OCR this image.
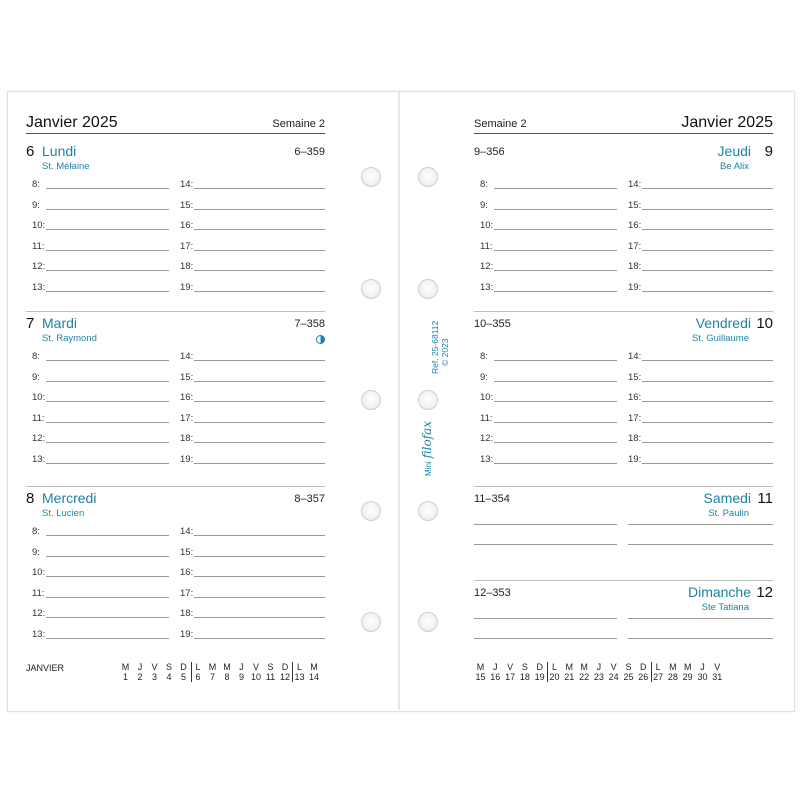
Janvier 2025	Semaine 2
6 Lundi
St. Mélaine
6–359
8:
9:
10:
11:
12:
13:
14:
15:
16:
17:
18:
19:
7 Mardi
St. Raymond
7–358
8:
9:
10:
11:
12:
13:
14:
15:
16:
17:
18:
19:
8 Mercredi
St. Lucien
8–357
8:
9:
10:
11:
12:
13:
14:
15:
16:
17:
18:
19:
JANVIER	M
1
J
2
V
3
S
4
D
5
L
6
M
7
M
8
J
9
V
10
S
11
D
12
L
13
M
14
Janvier 2025
Semaine 2
9
Jeudi
Be Alix
9–356
8:
9:
10:
11:
12:
13:
14:
15:
16:
17:
18:
19:
10
Vendredi
St. Guillaume
10–355
8:
9:
10:
11:
12:
13:
14:
15:
16:
17:
18:
19:
11
Samedi
St. Paulin
11–354
12
Dimanche
Ste Tatiana
12–353
M
15
J
16
V
17
S
18
D
19
L
20
M
21
M
22
J
23
V
24
S
25
D
26
L
27
M
28
M
29
J
30
V
31
Ref. 25-68112 © 2023
Minifilofax
